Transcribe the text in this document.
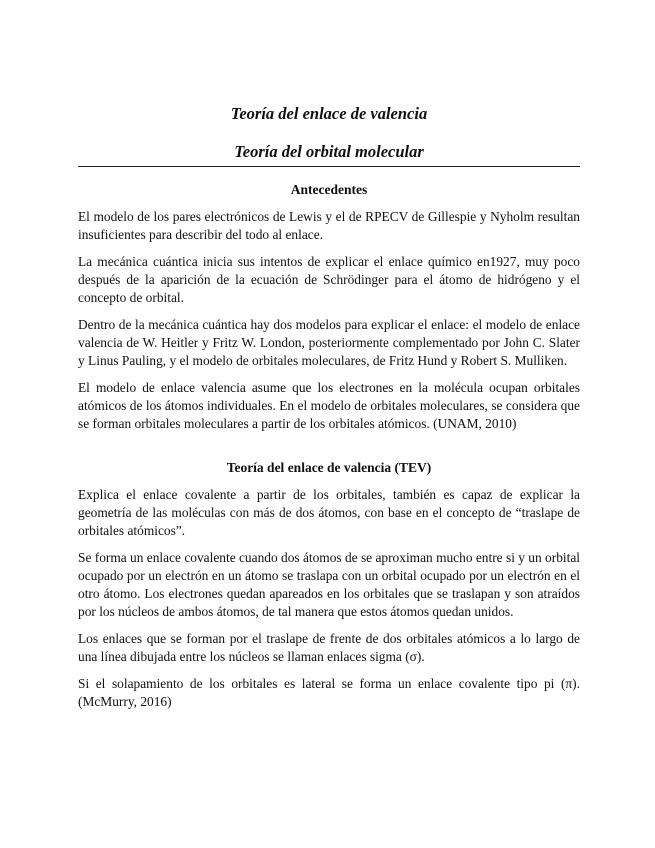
Teoría del enlace de valencia
Teoría del orbital molecular
Antecedentes

El modelo de los pares electrónicos de Lewis y el de RPECV de Gillespie y Nyholm resultan insuficientes para describir del todo al enlace.

La mecánica cuántica inicia sus intentos de explicar el enlace químico en1927, muy poco después de la aparición de la ecuación de Schrödinger para el átomo de hidrógeno y el concepto de orbital.

Dentro de la mecánica cuántica hay dos modelos para explicar el enlace: el modelo de enlace valencia de W. Heitler y Fritz W. London, posteriormente complementado por John C. Slater y Linus Pauling, y el modelo de orbitales moleculares, de Fritz Hund y Robert S. Mulliken.

El modelo de enlace valencia asume que los electrones en la molécula ocupan orbitales atómicos de los átomos individuales. En el modelo de orbitales moleculares, se considera que se forman orbitales moleculares a partir de los orbitales atómicos. (UNAM, 2010)

Teoría del enlace de valencia (TEV)

Explica el enlace covalente a partir de los orbitales, también es capaz de explicar la geometría de las moléculas con más de dos átomos, con base en el concepto de “traslape de orbitales atómicos”.

Se forma un enlace covalente cuando dos átomos de se aproximan mucho entre si y un orbital ocupado por un electrón en un átomo se traslapa con un orbital ocupado por un electrón en el otro átomo. Los electrones quedan apareados en los orbitales que se traslapan y son atraídos por los núcleos de ambos átomos, de tal manera que estos átomos quedan unidos.

Los enlaces que se forman por el traslape de frente de dos orbitales atómicos a lo largo de una línea dibujada entre los núcleos se llaman enlaces sigma (σ).

Si el solapamiento de los orbitales es lateral se forma un enlace covalente tipo pi (π). (McMurry, 2016)
